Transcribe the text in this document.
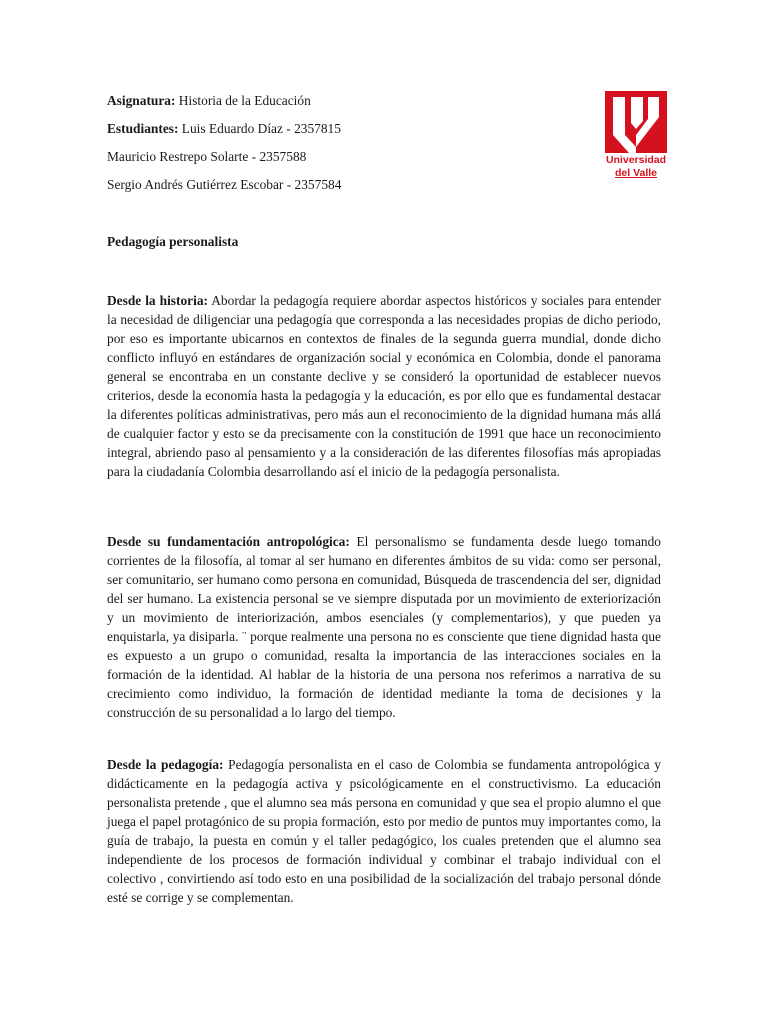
Asignatura: Historia de la Educación
Estudiantes: Luis Eduardo Díaz - 2357815
Mauricio Restrepo Solarte - 2357588
Sergio Andrés Gutiérrez Escobar - 2357584
Universidad
del Valle
Pedagogía personalista

Desde la historia: Abordar la pedagogía requiere abordar aspectos históricos y sociales para entender la necesidad de diligenciar una pedagogía que corresponda a las necesidades propias de dicho periodo, por eso es importante ubicarnos en contextos de finales de la segunda guerra mundial, donde dicho conflicto influyó en estándares de organización social y económica en Colombia, donde el panorama general se encontraba en un constante declive y se consideró la oportunidad de establecer nuevos criterios, desde la economía hasta la pedagogía y la educación, es por ello que es fundamental destacar la diferentes políticas administrativas, pero más aun el reconocimiento de la dignidad humana más allá de cualquier factor y esto se da precisamente con la constitución de 1991 que hace un reconocimiento integral, abriendo paso al pensamiento y a la consideración de las diferentes filosofías más apropiadas para la ciudadanía Colombia desarrollando así el inicio de la pedagogía personalista.

Desde su fundamentación antropológica: El personalismo se fundamenta desde luego tomando corrientes de la filosofía, al tomar al ser humano en diferentes ámbitos de su vida: como ser personal, ser comunitario, ser humano como persona en comunidad, Búsqueda de trascendencia del ser, dignidad del ser humano. La existencia personal se ve siempre disputada por un movimiento de exteriorización y un movimiento de interiorización, ambos esenciales (y complementarios), y que pueden ya enquistarla, ya disiparla. ¨ porque realmente una persona no es consciente que tiene dignidad hasta que es expuesto a un grupo o comunidad, resalta la importancia de las interacciones sociales en la formación de la identidad. Al hablar de la historia de una persona nos referimos a narrativa de su crecimiento como individuo, la formación de identidad mediante la toma de decisiones y la construcción de su personalidad a lo largo del tiempo.

Desde la pedagogía: Pedagogía personalista en el caso de Colombia se fundamenta antropológica y didácticamente en la pedagogía activa y psicológicamente en el constructivismo. La educación personalista pretende , que el alumno sea más persona en comunidad y que sea el propio alumno el que juega el papel protagónico de su propia formación, esto por medio de puntos muy importantes como, la guía de trabajo, la puesta en común y el taller pedagógico, los cuales pretenden que el alumno sea independiente de los procesos de formación individual y combinar el trabajo individual con el colectivo , convirtiendo así todo esto en una posibilidad de la socialización del trabajo personal dónde esté se corrige y se complementan.
